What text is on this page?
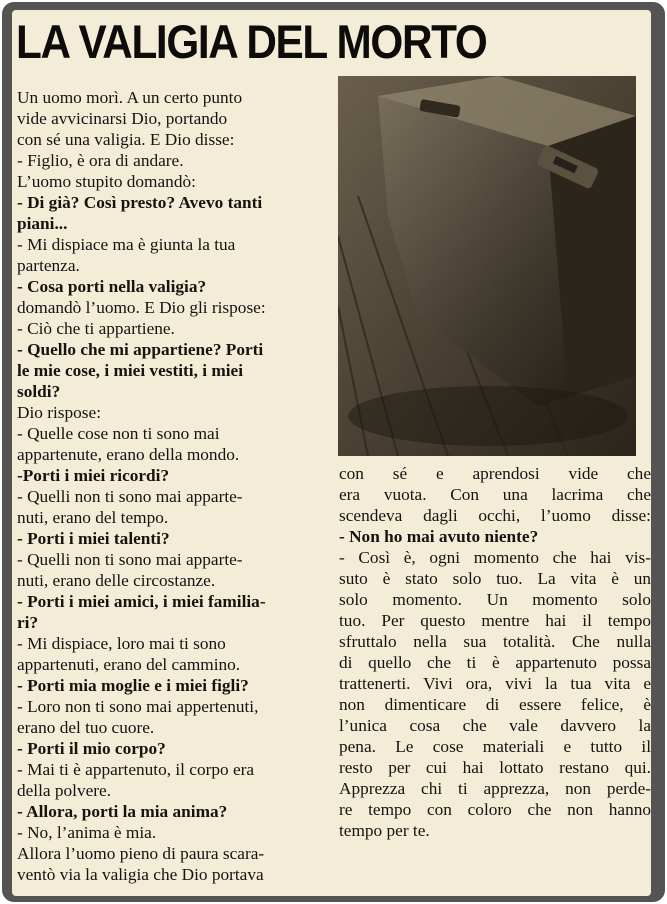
LA VALIGIA DEL MORTO
Un uomo morì. A un certo punto
vide avvicinarsi Dio, portando
con sé una valigia. E Dio disse:
- Figlio, è ora di andare.
L’uomo stupito domandò:
- Di già? Così presto? Avevo tanti
piani...
- Mi dispiace ma è giunta la tua
partenza.
- Cosa porti nella valigia?
domandò l’uomo. E Dio gli rispose:
- Ciò che ti appartiene.
- Quello che mi appartiene? Porti
le mie cose, i miei vestiti, i miei
soldi?
Dio rispose:
- Quelle cose non ti sono mai
appartenute, erano della mondo.
-Porti i miei ricordi?
- Quelli non ti sono mai apparte-
nuti, erano del tempo.
- Porti i miei talenti?
- Quelli non ti sono mai apparte-
nuti, erano delle circostanze.
- Porti i miei amici, i miei familia-
ri?
- Mi dispiace, loro mai ti sono
appartenuti, erano del cammino.
- Porti mia moglie e i miei figli?
- Loro non ti sono mai appertenuti,
erano del tuo cuore.
- Porti il mio corpo?
- Mai ti è appartenuto, il corpo era
della polvere.
- Allora, porti la mia anima?
- No, l’anima è mia.
Allora l’uomo pieno di paura scara-
ventò via la valigia che Dio portava
con sé e aprendosi vide che
era vuota. Con una lacrima che
scendeva dagli occhi, l’uomo disse:
- Non ho mai avuto niente?
- Così è, ogni momento che hai vis-
suto è stato solo tuo. La vita è un
solo momento. Un momento solo
tuo. Per questo mentre hai il tempo
sfruttalo nella sua totalità. Che nulla
di quello che ti è appartenuto possa
trattenerti. Vivi ora, vivi la tua vita e
non dimenticare di essere felice, è
l’unica cosa che vale davvero la
pena. Le cose materiali e tutto il
resto per cui hai lottato restano qui.
Apprezza chi ti apprezza, non perde-
re tempo con coloro che non hanno
tempo per te.
